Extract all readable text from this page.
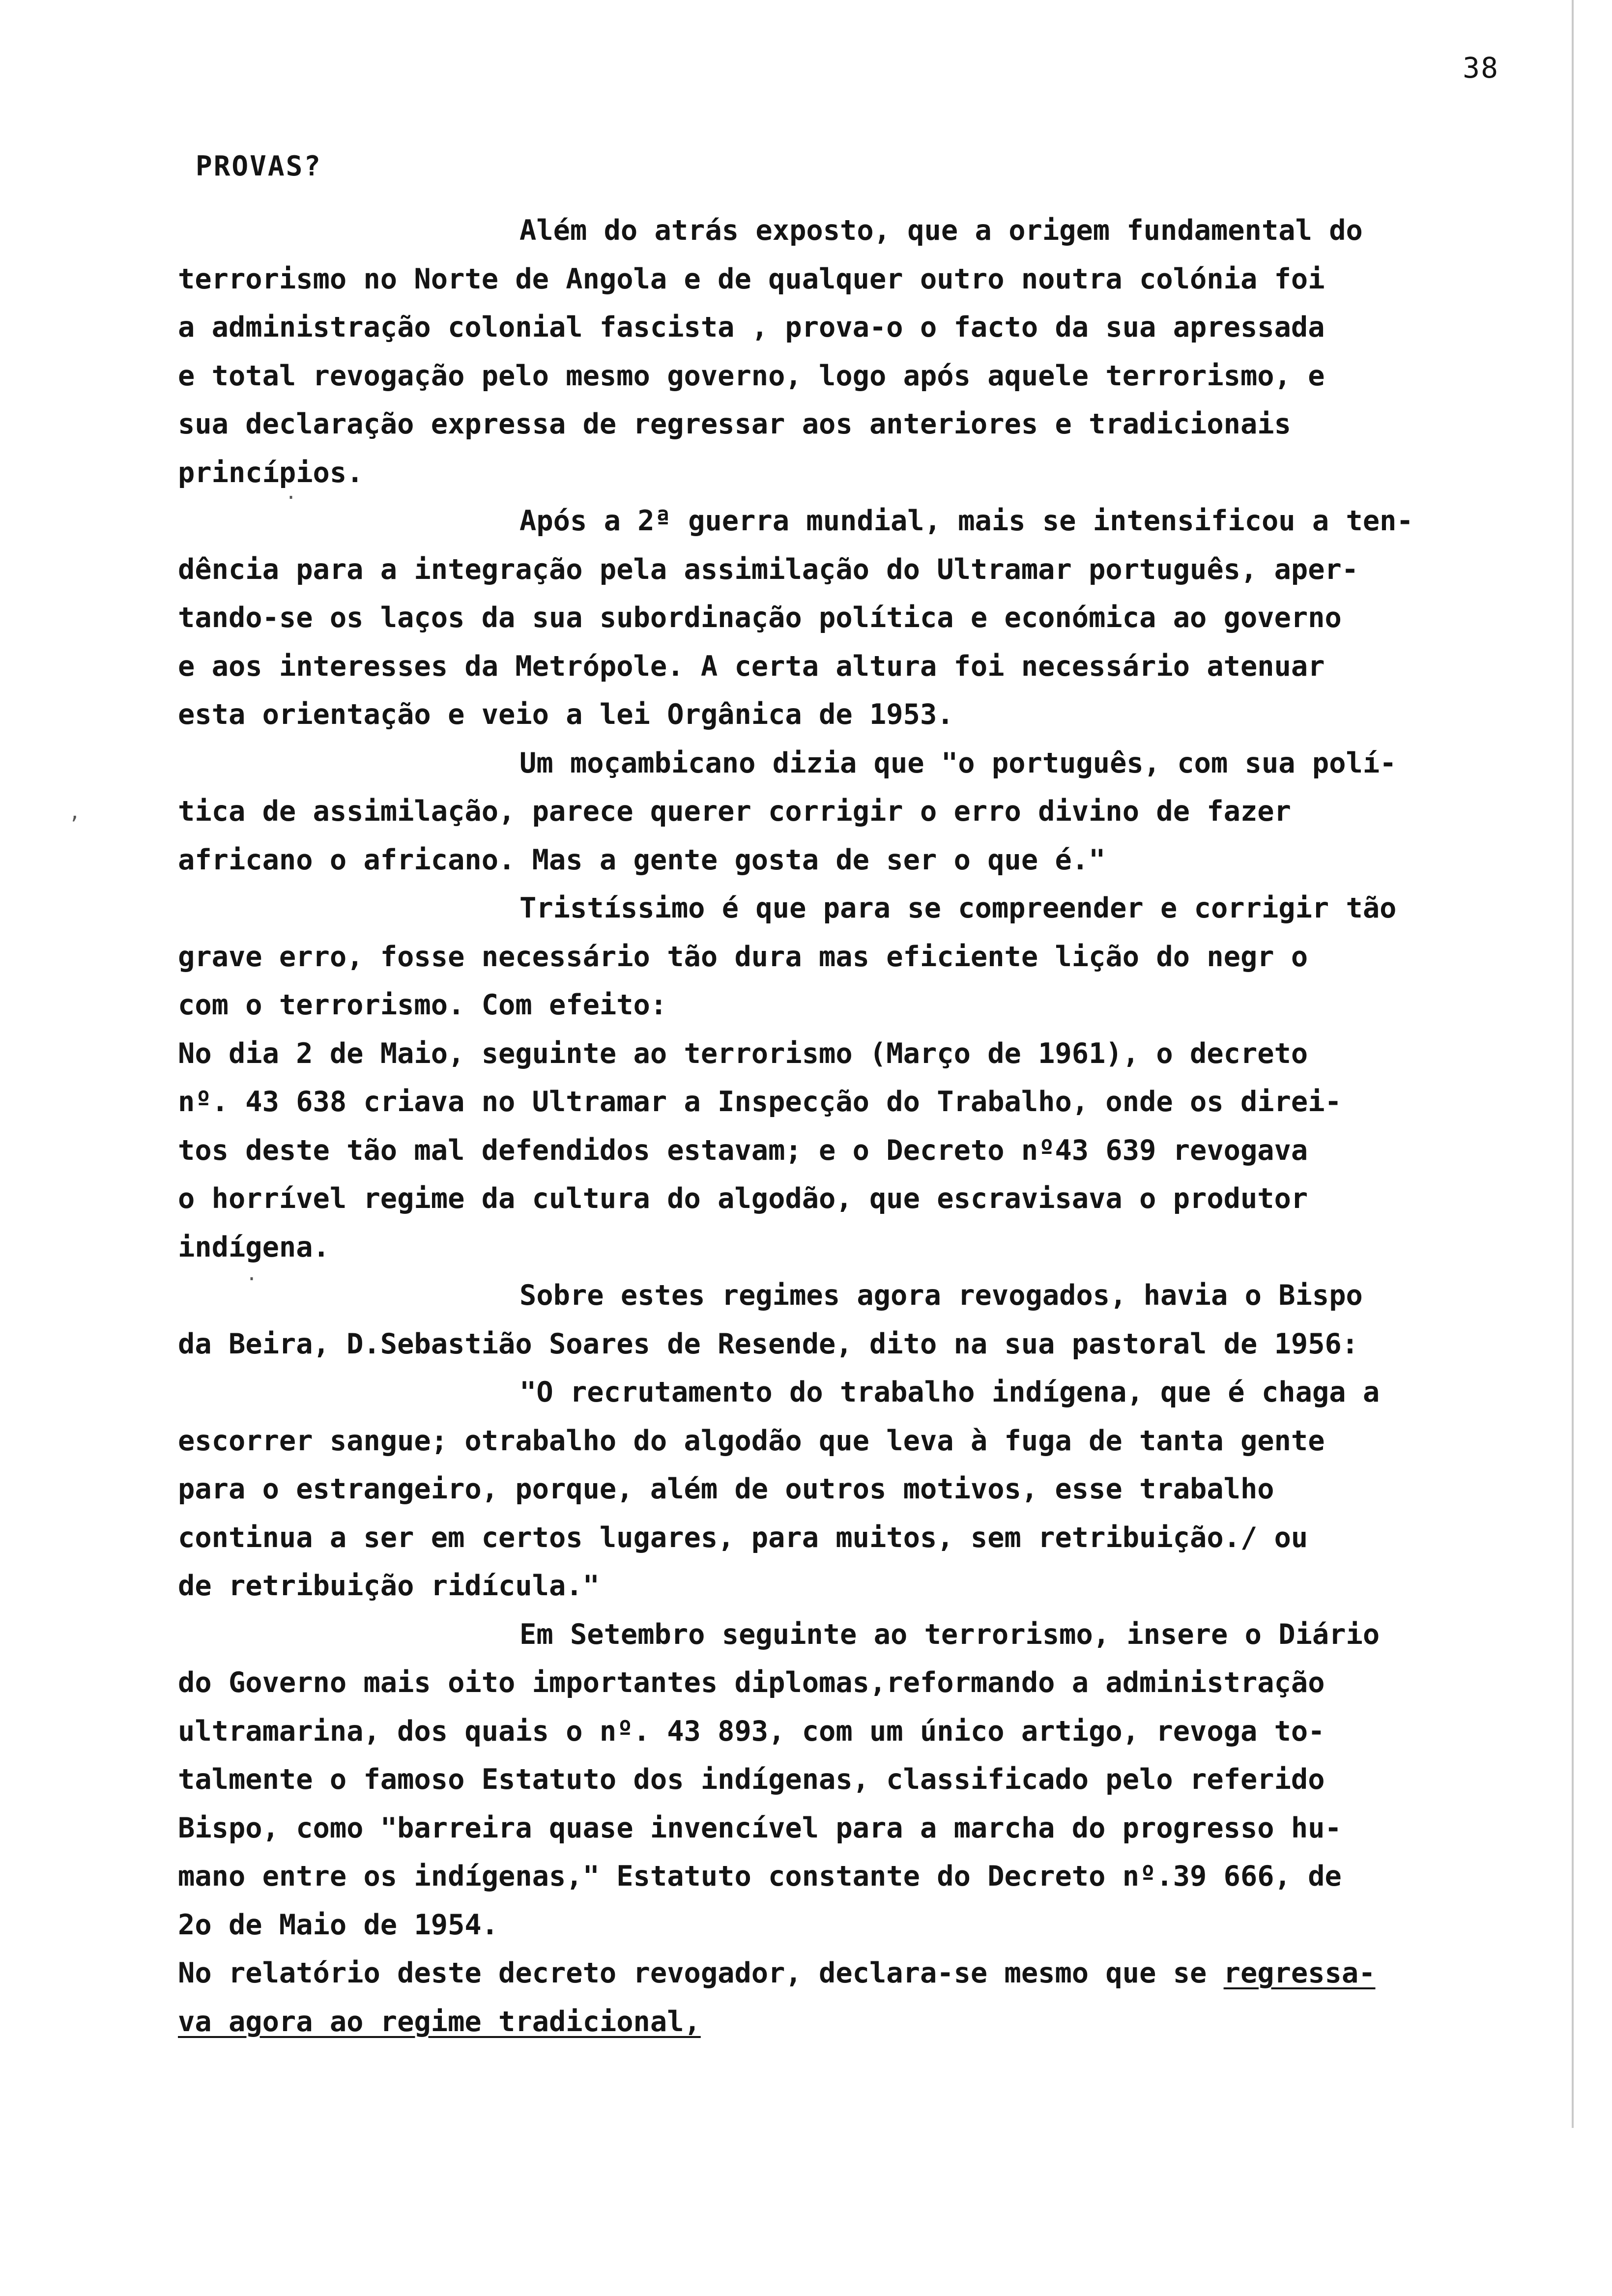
38
PROVAS?
Além do atrás exposto, que a origem fundamental do
terrorismo no Norte de Angola e de qualquer outro noutra colónia foi
a administração colonial fascista , prova-o o facto da sua apressada
e total revogação pelo mesmo governo, logo após aquele terrorismo, e
sua declaração expressa de regressar aos anteriores e tradicionais
princípios.
Após a 2ª guerra mundial, mais se intensificou a ten-
dência para a integração pela assimilação do Ultramar português, aper-
tando-se os laços da sua subordinação política e económica ao governo
e aos interesses da Metrópole. A certa altura foi necessário atenuar
esta orientação e veio a lei Orgânica de 1953.
Um moçambicano dizia que "o português, com sua polí-
tica de assimilação, parece querer corrigir o erro divino de fazer
africano o africano. Mas a gente gosta de ser o que é."
Tristíssimo é que para se compreender e corrigir tão
grave erro, fosse necessário tão dura mas eficiente lição do negr o
com o terrorismo. Com efeito:
No dia 2 de Maio, seguinte ao terrorismo (Março de 1961), o decreto
nº. 43 638 criava no Ultramar a Inspecção do Trabalho, onde os direi-
tos deste tão mal defendidos estavam; e o Decreto nº43 639 revogava
o horrível regime da cultura do algodão, que escravisava o produtor
indígena.
Sobre estes regimes agora revogados, havia o Bispo
da Beira, D.Sebastião Soares de Resende, dito na sua pastoral de 1956:
"O recrutamento do trabalho indígena, que é chaga a
escorrer sangue; otrabalho do algodão que leva à fuga de tanta gente
para o estrangeiro, porque, além de outros motivos, esse trabalho
continua a ser em certos lugares, para muitos, sem retribuição./ ou
de retribuição ridícula."
Em Setembro seguinte ao terrorismo, insere o Diário
do Governo mais oito importantes diplomas,reformando a administração
ultramarina, dos quais o nº. 43 893, com um único artigo, revoga to-
talmente o famoso Estatuto dos indígenas, classificado pelo referido
Bispo, como "barreira quase invencível para a marcha do progresso hu-
mano entre os indígenas," Estatuto constante do Decreto nº.39 666, de
2o de Maio de 1954.
No relatório deste decreto revogador, declara-se mesmo que se regressa-
va agora ao regime tradicional,
,
·
·
